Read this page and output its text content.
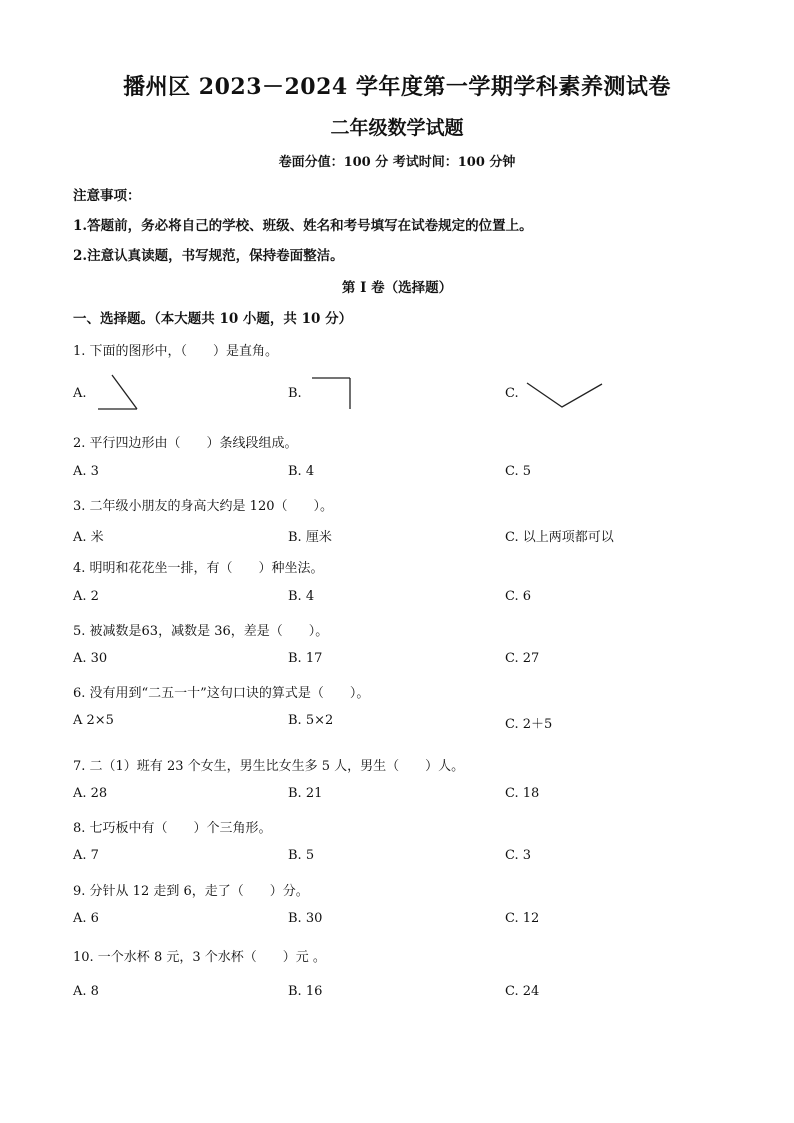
播州区 2023－2024 学年度第一学期学科素养测试卷
二年级数学试题
卷面分值：100 分 考试时间：100 分钟
注意事项：
1.答题前，务必将自己的学校、班级、姓名和考号填写在试卷规定的位置上。
2.注意认真读题，书写规范，保持卷面整洁。
第 I 卷（选择题）
一、选择题。（本大题共 10 小题，共 10 分）
1. 下面的图形中，（　　）是直角。
A.	B.	C.
2. 平行四边形由（　　）条线段组成。
A. 3	B. 4	C. 5
3. 二年级小朋友的身高大约是 120（　　）。
A. 米	B. 厘米	C. 以上两项都可以
4. 明明和花花坐一排，有（　　）种坐法。
A. 2	B. 4	C. 6
5. 被减数是63，减数是 36，差是（　　）。
A. 30	B. 17	C. 27
6. 没有用到“二五一十”这句口诀的算式是（　　）。
A 2×5	B. 5×2	C. 2＋5
7. 二（1）班有 23 个女生，男生比女生多 5 人，男生（　　）人。
A. 28	B. 21	C. 18
8. 七巧板中有（　　）个三角形。
A. 7	B. 5	C. 3
9. 分针从 12 走到 6，走了（　　）分。
A. 6	B. 30	C. 12
10. 一个水杯 8 元，3 个水杯（　　）元 。
A. 8	B. 16	C. 24
